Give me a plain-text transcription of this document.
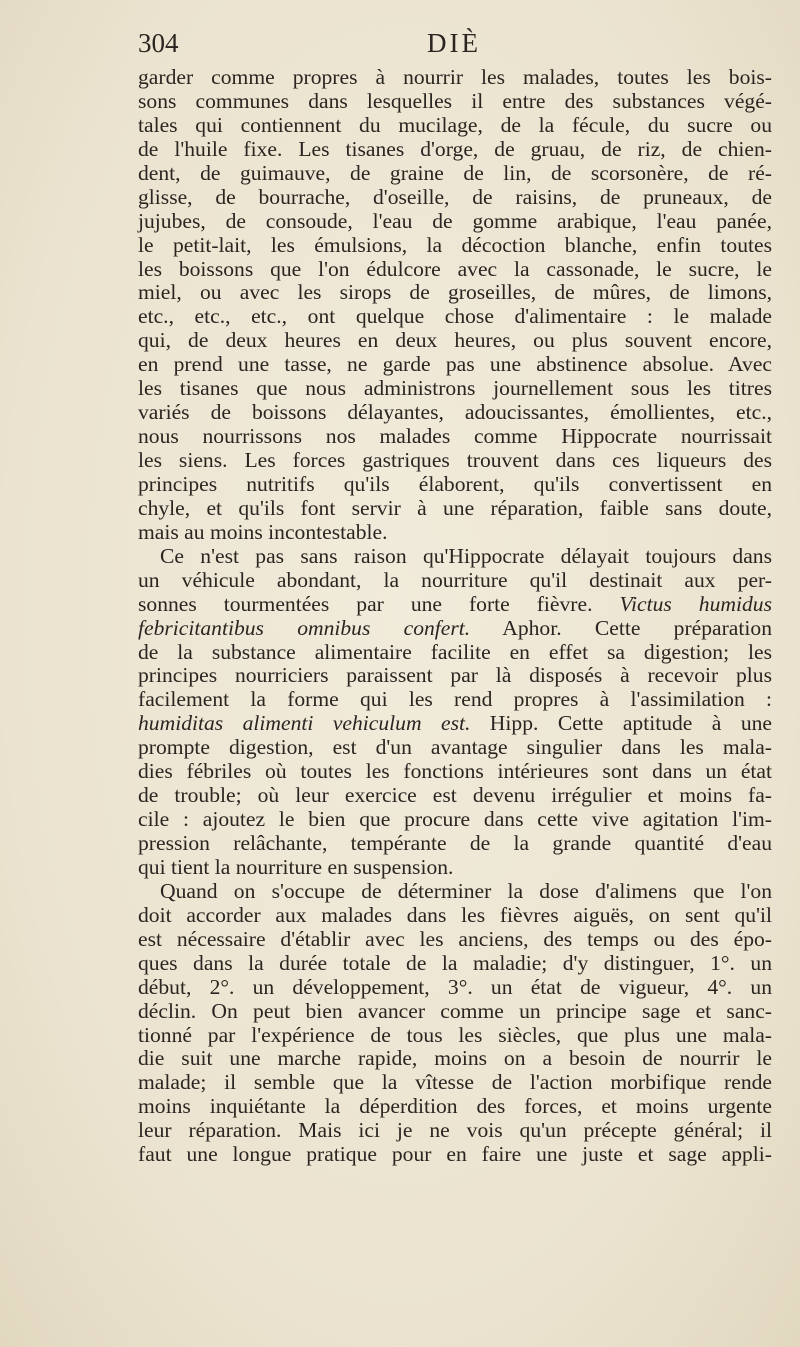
304	DIÈ
garder comme propres à nourrir les malades, toutes les bois-
sons communes dans lesquelles il entre des substances végé-
tales qui contiennent du mucilage, de la fécule, du sucre ou
de l'huile fixe. Les tisanes d'orge, de gruau, de riz, de chien-
dent, de guimauve, de graine de lin, de scorsonère, de ré-
glisse, de bourrache, d'oseille, de raisins, de pruneaux, de
jujubes, de consoude, l'eau de gomme arabique, l'eau panée,
le petit-lait, les émulsions, la décoction blanche, enfin toutes
les boissons que l'on édulcore avec la cassonade, le sucre, le
miel, ou avec les sirops de groseilles, de mûres, de limons,
etc., etc., etc., ont quelque chose d'alimentaire : le malade
qui, de deux heures en deux heures, ou plus souvent encore,
en prend une tasse, ne garde pas une abstinence absolue. Avec
les tisanes que nous administrons journellement sous les titres
variés de boissons délayantes, adoucissantes, émollientes, etc.,
nous nourrissons nos malades comme Hippocrate nourrissait
les siens. Les forces gastriques trouvent dans ces liqueurs des
principes nutritifs qu'ils élaborent, qu'ils convertissent en
chyle, et qu'ils font servir à une réparation, faible sans doute,
mais au moins incontestable.
Ce n'est pas sans raison qu'Hippocrate délayait toujours dans
un véhicule abondant, la nourriture qu'il destinait aux per-
sonnes tourmentées par une forte fièvre. Victus humidus
febricitantibus omnibus confert. Aphor. Cette préparation
de la substance alimentaire facilite en effet sa digestion; les
principes nourriciers paraissent par là disposés à recevoir plus
facilement la forme qui les rend propres à l'assimilation :
humiditas alimenti vehiculum est. Hipp. Cette aptitude à une
prompte digestion, est d'un avantage singulier dans les mala-
dies fébriles où toutes les fonctions intérieures sont dans un état
de trouble; où leur exercice est devenu irrégulier et moins fa-
cile : ajoutez le bien que procure dans cette vive agitation l'im-
pression relâchante, tempérante de la grande quantité d'eau
qui tient la nourriture en suspension.
Quand on s'occupe de déterminer la dose d'alimens que l'on
doit accorder aux malades dans les fièvres aiguës, on sent qu'il
est nécessaire d'établir avec les anciens, des temps ou des épo-
ques dans la durée totale de la maladie; d'y distinguer, 1°. un
début, 2°. un développement, 3°. un état de vigueur, 4°. un
déclin. On peut bien avancer comme un principe sage et sanc-
tionné par l'expérience de tous les siècles, que plus une mala-
die suit une marche rapide, moins on a besoin de nourrir le
malade; il semble que la vîtesse de l'action morbifique rende
moins inquiétante la déperdition des forces, et moins urgente
leur réparation. Mais ici je ne vois qu'un précepte général; il
faut une longue pratique pour en faire une juste et sage appli-
